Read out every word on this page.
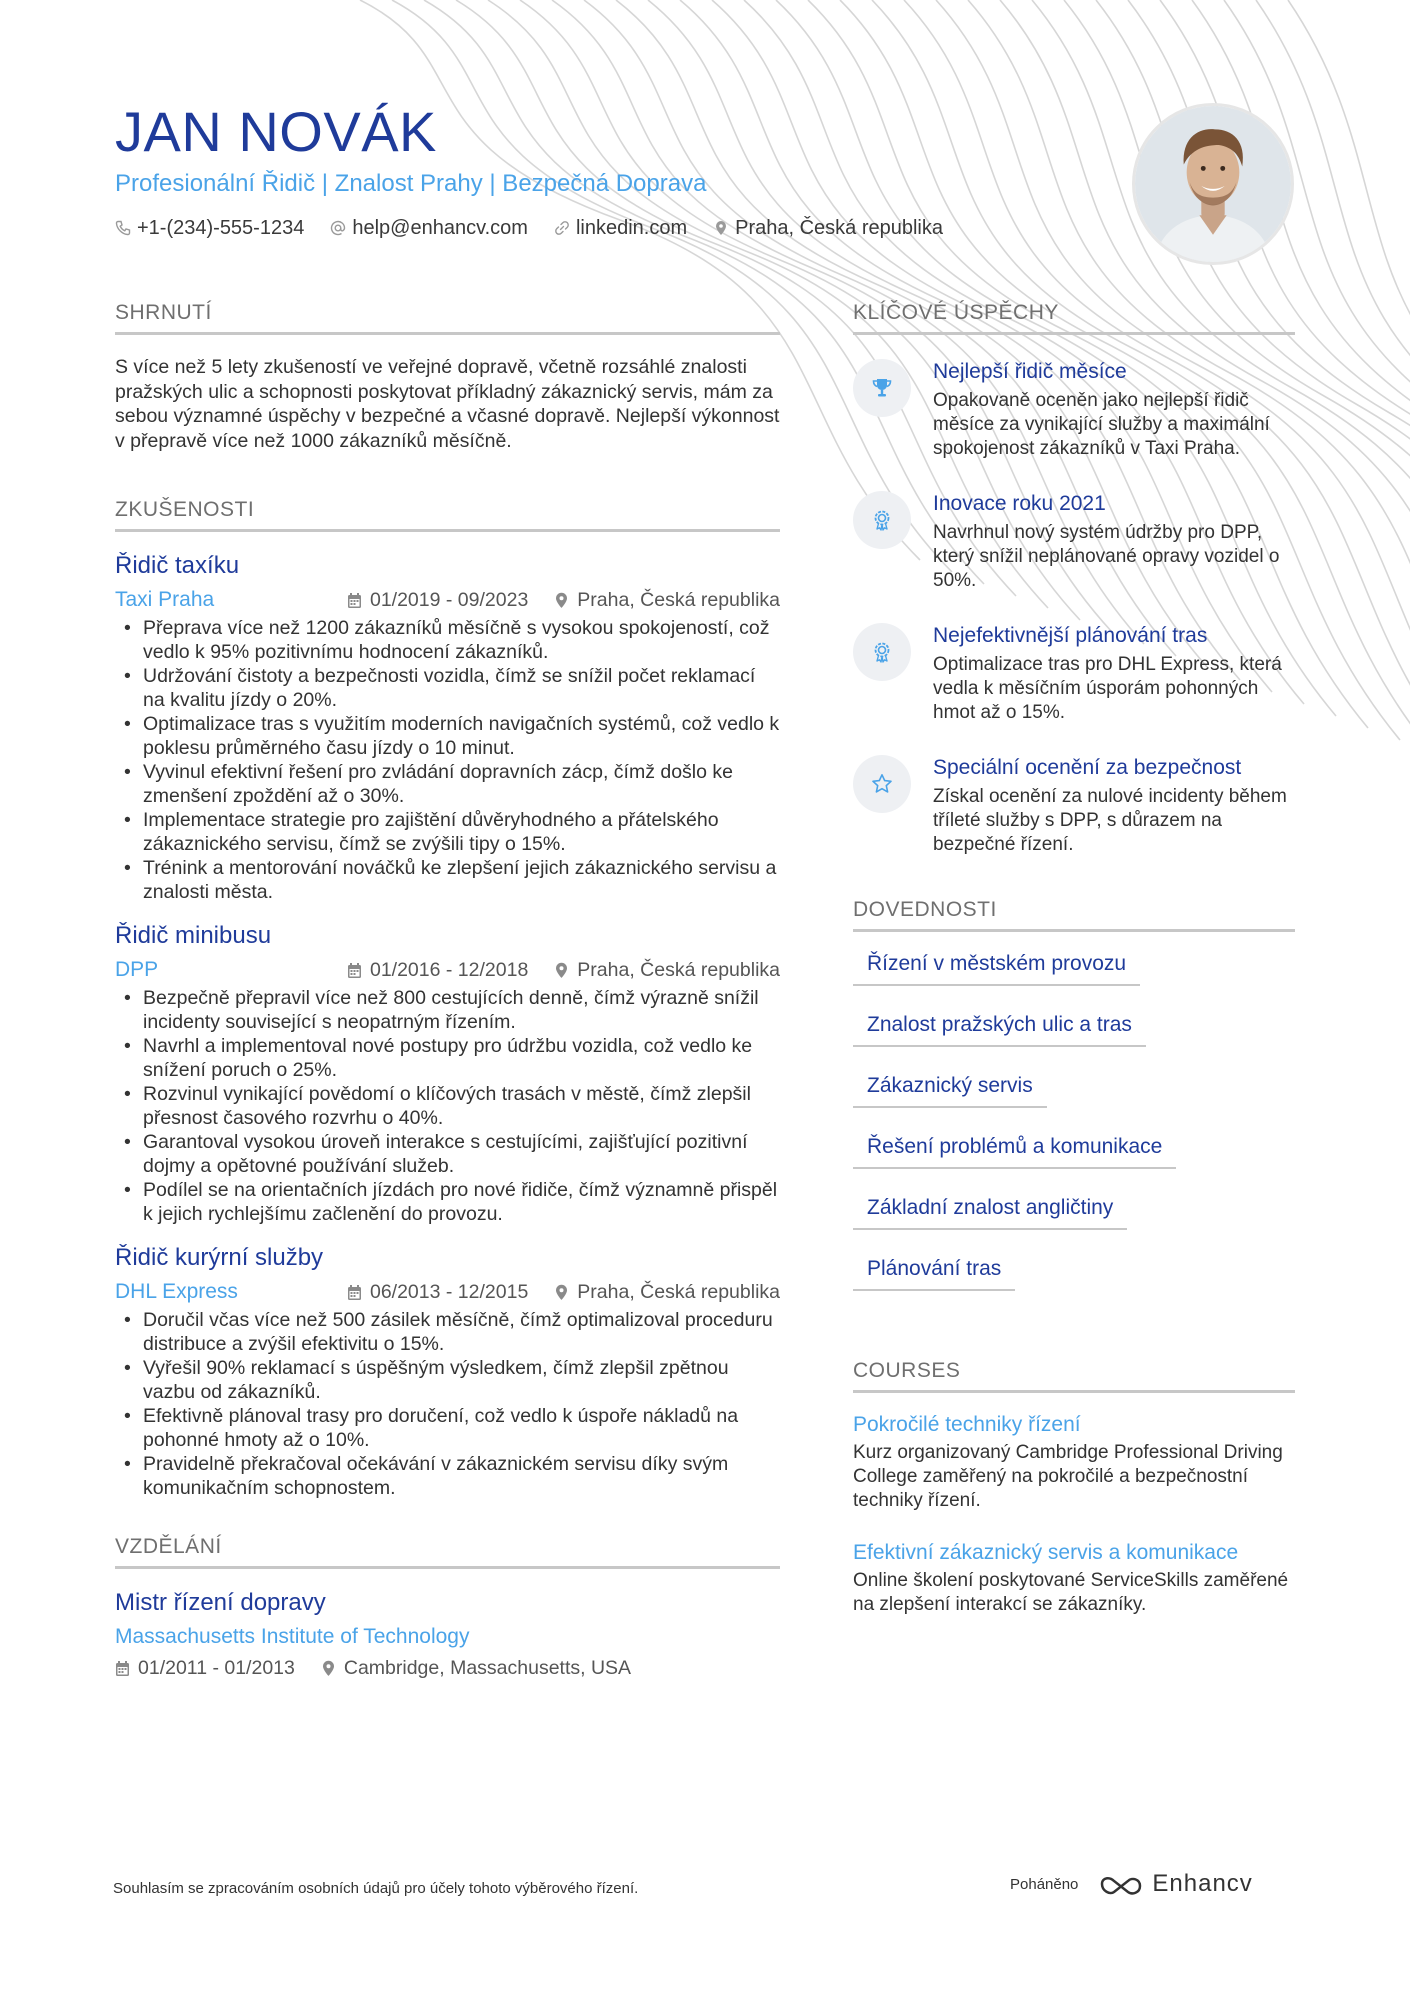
JAN NOVÁK
Profesionální Řidič | Znalost Prahy | Bezpečná Doprava
+1-(234)-555-1234 help@enhancv.com linkedin.com Praha, Česká republika
SHRNUTÍ

S více než 5 lety zkušeností ve veřejné dopravě, včetně rozsáhlé znalosti pražských ulic a schopnosti poskytovat příkladný zákaznický servis, mám za sebou významné úspěchy v bezpečné a včasné dopravě. Nejlepší výkonnost v přepravě více než 1000 zákazníků měsíčně.

ZKUŠENOSTI
Řidič taxíku
Taxi Praha	01/2019 - 09/2023	Praha, Česká republika
• Přeprava více než 1200 zákazníků měsíčně s vysokou spokojeností, což vedlo k 95% pozitivnímu hodnocení zákazníků.
• Udržování čistoty a bezpečnosti vozidla, čímž se snížil počet reklamací na kvalitu jízdy o 20%.
• Optimalizace tras s využitím moderních navigačních systémů, což vedlo k poklesu průměrného času jízdy o 10 minut.
• Vyvinul efektivní řešení pro zvládání dopravních zácp, čímž došlo ke zmenšení zpoždění až o 30%.
• Implementace strategie pro zajištění důvěryhodného a přátelského zákaznického servisu, čímž se zvýšili tipy o 15%.
• Trénink a mentorování nováčků ke zlepšení jejich zákaznického servisu a znalosti města.
Řidič minibusu
DPP	01/2016 - 12/2018	Praha, Česká republika
• Bezpečně přepravil více než 800 cestujících denně, čímž výrazně snížil incidenty související s neopatrným řízením.
• Navrhl a implementoval nové postupy pro údržbu vozidla, což vedlo ke snížení poruch o 25%.
• Rozvinul vynikající povědomí o klíčových trasách v městě, čímž zlepšil přesnost časového rozvrhu o 40%.
• Garantoval vysokou úroveň interakce s cestujícími, zajišťující pozitivní dojmy a opětovné používání služeb.
• Podílel se na orientačních jízdách pro nové řidiče, čímž významně přispěl k jejich rychlejšímu začlenění do provozu.
Řidič kurýrní služby
DHL Express	06/2013 - 12/2015	Praha, Česká republika
• Doručil včas více než 500 zásilek měsíčně, čímž optimalizoval proceduru distribuce a zvýšil efektivitu o 15%.
• Vyřešil 90% reklamací s úspěšným výsledkem, čímž zlepšil zpětnou vazbu od zákazníků.
• Efektivně plánoval trasy pro doručení, což vedlo k úspoře nákladů na pohonné hmoty až o 10%.
• Pravidelně překračoval očekávání v zákaznickém servisu díky svým komunikačním schopnostem.
VZDĚLÁNÍ
Mistr řízení dopravy
Massachusetts Institute of Technology
01/2011 - 01/2013	Cambridge, Massachusetts, USA
KLÍČOVÉ ÚSPĚCHY
Nejlepší řidič měsíce
Opakovaně oceněn jako nejlepší řidič měsíce za vynikající služby a maximální spokojenost zákazníků v Taxi Praha.
Inovace roku 2021
Navrhnul nový systém údržby pro DPP, který snížil neplánované opravy vozidel o 50%.
Nejefektivnější plánování tras
Optimalizace tras pro DHL Express, která vedla k měsíčním úsporám pohonných hmot až o 15%.
Speciální ocenění za bezpečnost
Získal ocenění za nulové incidenty během tříleté služby s DPP, s důrazem na bezpečné řízení.
DOVEDNOSTI
Řízení v městském provozu
Znalost pražských ulic a tras
Zákaznický servis
Řešení problémů a komunikace
Základní znalost angličtiny
Plánování tras
COURSES
Pokročilé techniky řízení
Kurz organizovaný Cambridge Professional Driving College zaměřený na pokročilé a bezpečnostní techniky řízení.
Efektivní zákaznický servis a komunikace
Online školení poskytované ServiceSkills zaměřené na zlepšení interakcí se zákazníky.
Souhlasím se zpracováním osobních údajů pro účely tohoto výběrového řízení.	Poháněno	Enhancv
